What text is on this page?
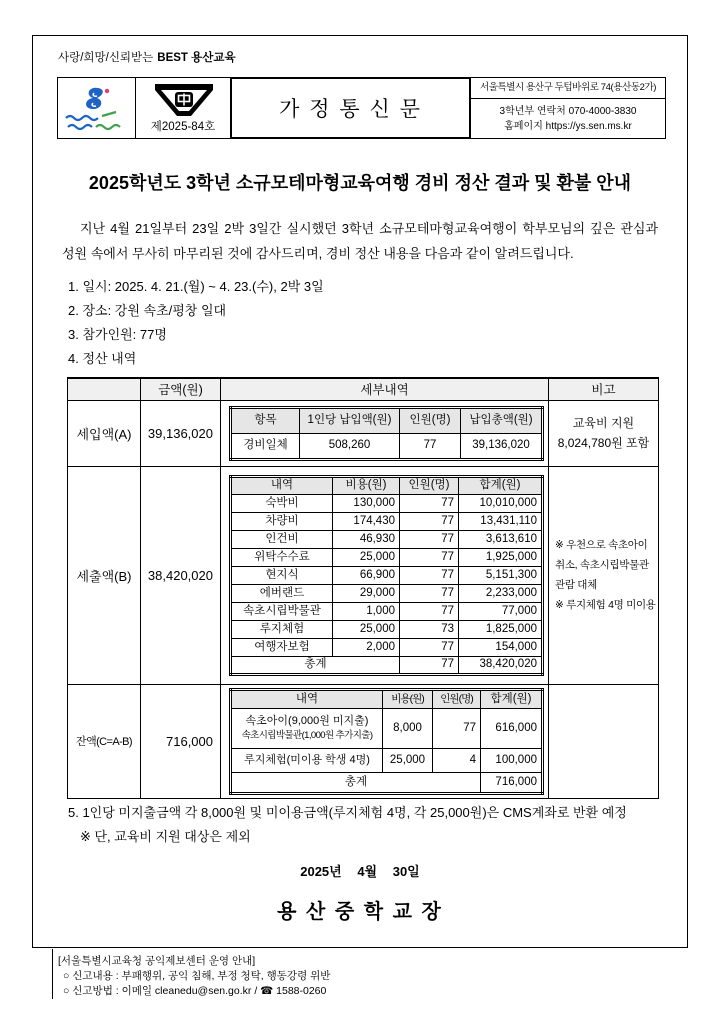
사랑/희망/신뢰받는 BEST 용산교육
제2025-84호
가 정 통 신 문
서울특별시 용산구 두텁바위로 74(용산동2가)
3학년부 연락처 070-4000-3830
홈페이지 https://ys.sen.ms.kr
2025학년도 3학년 소규모테마형교육여행 경비 정산 결과 및 환불 안내
지난 4월 21일부터 23일 2박 3일간 실시했던 3학년 소규모테마형교육여행이 학부모님의 깊은 관심과 성원 속에서 무사히 마무리된 것에 감사드리며, 경비 정산 내용을 다음과 같이 알려드립니다.
1. 일시: 2025. 4. 21.(월) ~ 4. 23.(수), 2박 3일
2. 장소: 강원 속초/평창 일대
3. 참가인원: 77명
4. 정산 내역
	금액(원)	세부내역	비고
세입액(A)	39,136,020	
항목	1인당 납입액(원)	인원(명)	납입총액(원)
경비일체	508,260	77	39,136,020

교육비 지원
8,024,780원 포함

세출액(B)	38,420,020	
내역	비용(원)	인원(명)	합계(원)
숙박비	130,000	77	10,010,000
차량비	174,430	77	13,431,110
인건비	46,930	77	3,613,610
위탁수수료	25,000	77	1,925,000
현지식	66,900	77	5,151,300
에버랜드	29,000	77	2,233,000
속초시립박물관	1,000	77	77,000
루지체험	25,000	73	1,825,000
여행자보험	2,000	77	154,000
총계	77	38,420,020

※ 우천으로 속초아이
취소, 속초시립박물관
관람 대체
※ 루지체험 4명 미이용

잔액(C=A-B)	716,000	
내역	비용(원)	인원(명)	합계(원)

속초아이(9,000원 미지출)
속초시립박물관(1,000원 추가지출)
	8,000	77	616,000

루지체험(미이용 학생 4명)	25,000	4	100,000
총계	716,000

5. 1인당 미지출금액 각 8,000원 및 미이용금액(루지체험 4명, 각 25,000원)은 CMS계좌로 반환 예정
※ 단, 교육비 지원 대상은 제외
2025년 4월 30일
용 산 중 학 교 장
[서울특별시교육청 공익제보센터 운영 안내]
○ 신고내용 : 부패행위, 공익 침해, 부정 청탁, 행동강령 위반
○ 신고방법 : 이메일 cleanedu@sen.go.kr / ☎ 1588-0260
